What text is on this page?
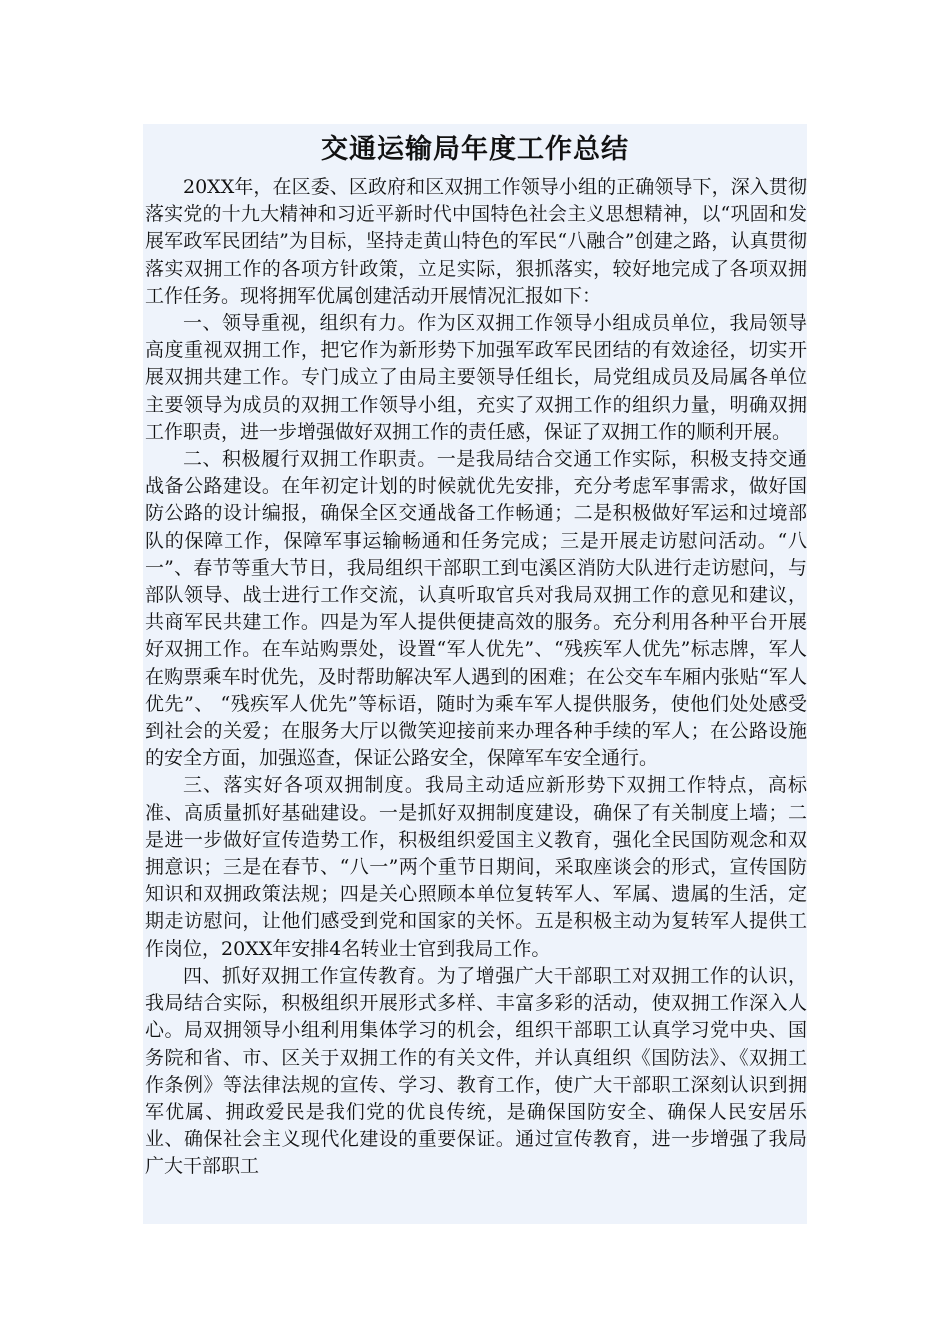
交通运输局年度工作总结

20XX年，在区委、区政府和区双拥工作领导小组的正确领导下，深入贯彻落实党的十九大精神和习近平新时代中国特色社会主义思想精神，以“巩固和发展军政军民团结”为目标，坚持走黄山特色的军民“八融合”创建之路，认真贯彻落实双拥工作的各项方针政策，立足实际，狠抓落实，较好地完成了各项双拥工作任务。现将拥军优属创建活动开展情况汇报如下：

一、领导重视，组织有力。作为区双拥工作领导小组成员单位，我局领导高度重视双拥工作，把它作为新形势下加强军政军民团结的有效途径，切实开展双拥共建工作。专门成立了由局主要领导任组长，局党组成员及局属各单位主要领导为成员的双拥工作领导小组，充实了双拥工作的组织力量，明确双拥工作职责，进一步增强做好双拥工作的责任感，保证了双拥工作的顺利开展。

二、积极履行双拥工作职责。一是我局结合交通工作实际，积极支持交通战备公路建设。在年初定计划的时候就优先安排，充分考虑军事需求，做好国防公路的设计编报，确保全区交通战备工作畅通；二是积极做好军运和过境部队的保障工作，保障军事运输畅通和任务完成；三是开展走访慰问活动。“八一”、春节等重大节日，我局组织干部职工到屯溪区消防大队进行走访慰问，与部队领导、战士进行工作交流，认真听取官兵对我局双拥工作的意见和建议，共商军民共建工作。四是为军人提供便捷高效的服务。充分利用各种平台开展好双拥工作。在车站购票处，设置“军人优先”、“残疾军人优先”标志牌，军人在购票乘车时优先，及时帮助解决军人遇到的困难；在公交车车厢内张贴“军人优先”、 “残疾军人优先”等标语，随时为乘车军人提供服务，使他们处处感受到社会的关爱；在服务大厅以微笑迎接前来办理各种手续的军人；在公路设施的安全方面，加强巡查，保证公路安全，保障军车安全通行。

三、落实好各项双拥制度。我局主动适应新形势下双拥工作特点，高标准、高质量抓好基础建设。一是抓好双拥制度建设，确保了有关制度上墙；二是进一步做好宣传造势工作，积极组织爱国主义教育，强化全民国防观念和双拥意识；三是在春节、“八一”两个重节日期间，采取座谈会的形式，宣传国防知识和双拥政策法规；四是关心照顾本单位复转军人、军属、遗属的生活，定期走访慰问，让他们感受到党和国家的关怀。五是积极主动为复转军人提供工作岗位，20XX年安排4名转业士官到我局工作。

四、抓好双拥工作宣传教育。为了增强广大干部职工对双拥工作的认识，我局结合实际，积极组织开展形式多样、丰富多彩的活动，使双拥工作深入人心。局双拥领导小组利用集体学习的机会，组织干部职工认真学习党中央、国务院和省、市、区关于双拥工作的有关文件，并认真组织《国防法》、《双拥工作条例》等法律法规的宣传、学习、教育工作，使广大干部职工深刻认识到拥军优属、拥政爱民是我们党的优良传统，是确保国防安全、确保人民安居乐业、确保社会主义现代化建设的重要保证。通过宣传教育，进一步增强了我局广大干部职工
